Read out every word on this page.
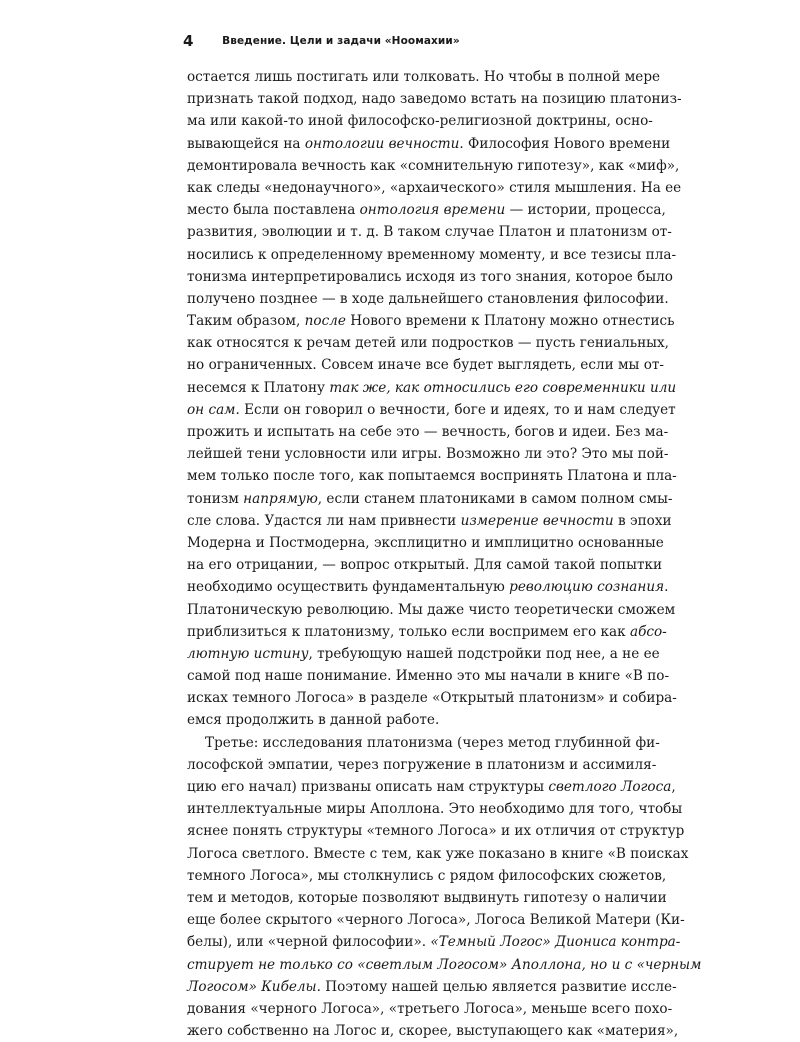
4	Введение. Цели и задачи «Ноомахии»
остается лишь постигать или толковать. Но чтобы в полной мере
признать такой подход, надо заведомо встать на позицию платониз-
ма или какой-то иной философско-религиозной доктрины, осно-
вывающейся на онтологии вечности. Философия Нового времени
демонтировала вечность как «сомнительную гипотезу», как «миф»,
как следы «недонаучного», «архаического» стиля мышления. На ее
место была поставлена онтология времени — истории, процесса,
развития, эволюции и т. д. В таком случае Платон и платонизм от-
носились к определенному временному моменту, и все тезисы пла-
тонизма интерпретировались исходя из того знания, которое было
получено позднее — в ходе дальнейшего становления философии.
Таким образом, после Нового времени к Платону можно отнестись
как относятся к речам детей или подростков — пусть гениальных,
но ограниченных. Совсем иначе все будет выглядеть, если мы от-
несемся к Платону так же, как относились его современники или
он сам. Если он говорил о вечности, боге и идеях, то и нам следует
прожить и испытать на себе это — вечность, богов и идеи. Без ма-
лейшей тени условности или игры. Возможно ли это? Это мы пой-
мем только после того, как попытаемся воспринять Платона и пла-
тонизм напрямую, если станем платониками в самом полном смы-
сле слова. Удастся ли нам привнести измерение вечности в эпохи
Модерна и Постмодерна, эксплицитно и имплицитно основанные
на его отрицании, — вопрос открытый. Для самой такой попытки
необходимо осуществить фундаментальную революцию сознания.
Платоническую революцию. Мы даже чисто теоретически сможем
приблизиться к платонизму, только если воспримем его как абсо-
лютную истину, требующую нашей подстройки под нее, а не ее
самой под наше понимание. Именно это мы начали в книге «В по-
исках темного Логоса» в разделе «Открытый платонизм» и собира-
емся продолжить в данной работе.
Третье: исследования платонизма (через метод глубинной фи-
лософской эмпатии, через погружение в платонизм и ассимиля-
цию его начал) призваны описать нам структуры светлого Логоса,
интеллектуальные миры Аполлона. Это необходимо для того, чтобы
яснее понять структуры «темного Логоса» и их отличия от структур
Логоса светлого. Вместе с тем, как уже показано в книге «В поисках
темного Логоса», мы столкнулись с рядом философских сюжетов,
тем и методов, которые позволяют выдвинуть гипотезу о наличии
еще более скрытого «черного Логоса», Логоса Великой Матери (Ки-
белы), или «черной философии». «Темный Логос» Диониса контра-
стирует не только со «светлым Логосом» Аполлона, но и с «черным
Логосом» Кибелы. Поэтому нашей целью является развитие иссле-
дования «черного Логоса», «третьего Логоса», меньше всего похо-
жего собственно на Логос и, скорее, выступающего как «материя»,
